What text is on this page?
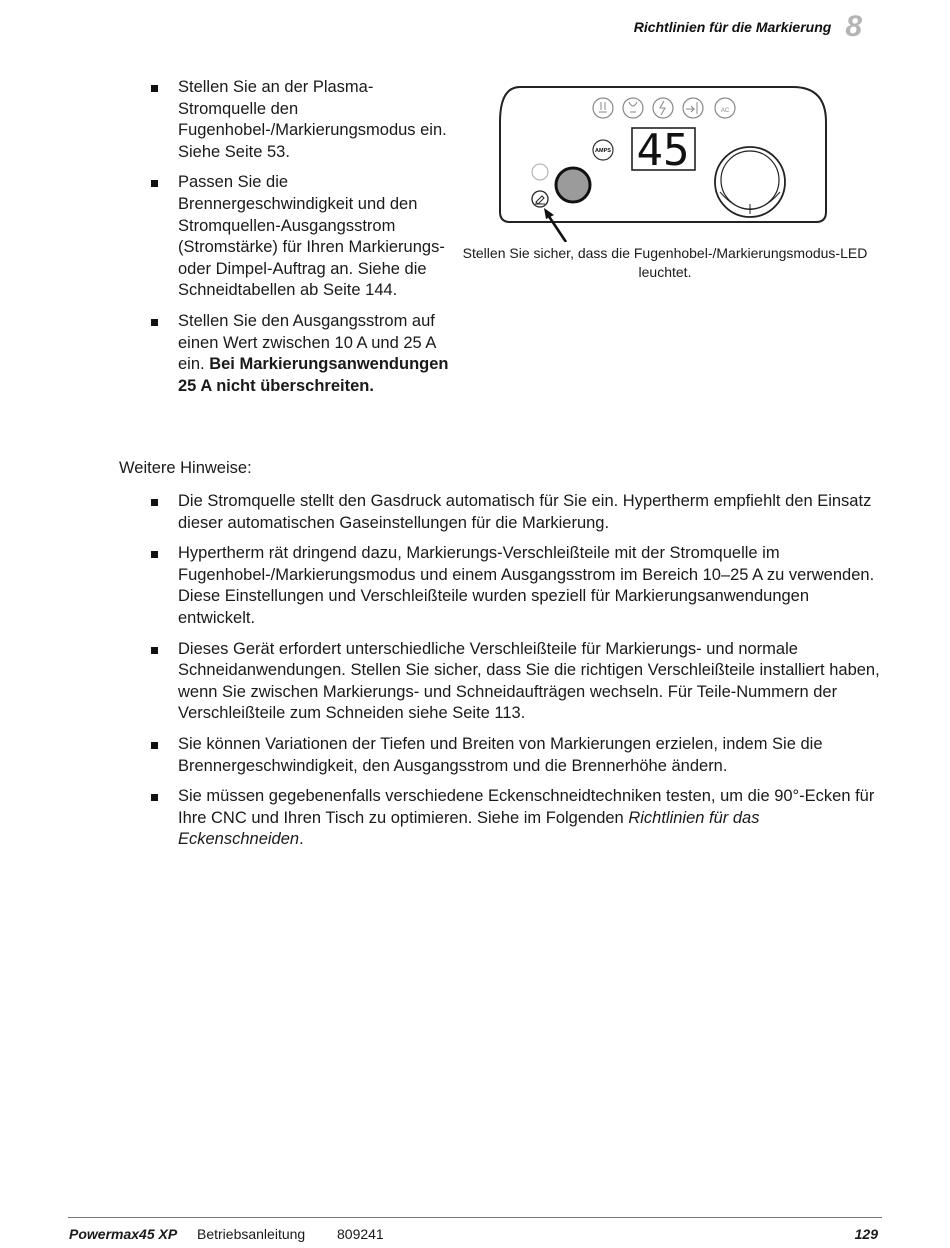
Richtlinien für die Markierung 8
Stellen Sie an der Plasma-Stromquelle den Fugenhobel-/Markierungsmodus ein. Siehe Seite 53.
Passen Sie die Brennergeschwindigkeit und den Stromquellen-Ausgangsstrom (Stromstärke) für Ihren Markierungs- oder Dimpel-Auftrag an. Siehe die Schneidtabellen ab Seite 144.
Stellen Sie den Ausgangsstrom auf einen Wert zwischen 10 A und 25 A ein. Bei Markierungsanwendungen 25 A nicht überschreiten.
AC
AMPS 45
Stellen Sie sicher, dass die Fugenhobel-/Markierungsmodus-LED leuchtet.
Weitere Hinweise:
Die Stromquelle stellt den Gasdruck automatisch für Sie ein. Hypertherm empfiehlt den Einsatz dieser automatischen Gaseinstellungen für die Markierung.
Hypertherm rät dringend dazu, Markierungs-Verschleißteile mit der Stromquelle im Fugenhobel-/Markierungsmodus und einem Ausgangsstrom im Bereich 10–25 A zu verwenden. Diese Einstellungen und Verschleißteile wurden speziell für Markierungsanwendungen entwickelt.
Dieses Gerät erfordert unterschiedliche Verschleißteile für Markierungs- und normale Schneidanwendungen. Stellen Sie sicher, dass Sie die richtigen Verschleißteile installiert haben, wenn Sie zwischen Markierungs- und Schneidaufträgen wechseln. Für Teile-Nummern der Verschleißteile zum Schneiden siehe Seite 113.
Sie können Variationen der Tiefen und Breiten von Markierungen erzielen, indem Sie die Brennergeschwindigkeit, den Ausgangsstrom und die Brennerhöhe ändern.
Sie müssen gegebenenfalls verschiedene Eckenschneidtechniken testen, um die 90°-Ecken für Ihre CNC und Ihren Tisch zu optimieren. Siehe im Folgenden Richtlinien für das Eckenschneiden.
Powermax45 XP Betriebsanleitung 809241	129
